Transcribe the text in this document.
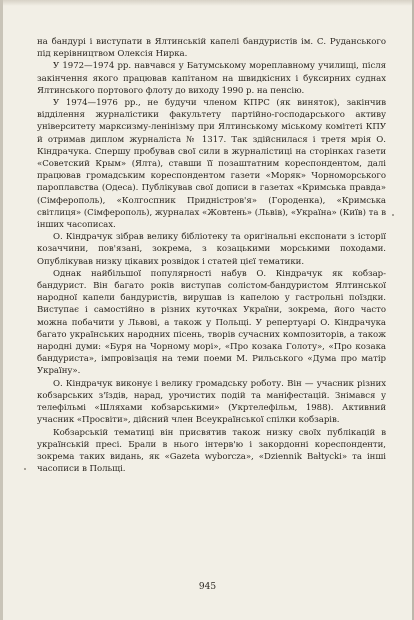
на бандурі і виступати в Ялтинській капелі бандуристів ім. С. Руданського під керівництвом Олексія Нирка.

У 1972—1974 рр. навчався у Батумському мореплавному училищі, після закінчення якого працював капітаном на швидкісних і буксирних суднах Ялтинського портового флоту до виходу 1990 р. на пенсію.

У 1974—1976 рр., не будучи членом КПРС (як виняток), закінчив відділення журналістики факультету партійно-господарського активу університету марксизму-ленінізму при Ялтинському міському комітеті КПУ й отримав диплом журналіста № 1317. Так здійснилася і третя мрія О. Кіндрачука. Спершу пробував свої сили в журналістиці на сторінках газети «Советский Крым» (Ялта), ставши її позаштатним кореспондентом, далі працював громадським кореспондентом газети «Моряк» Чорноморського пароплавства (Одеса). Публікував свої дописи в газетах «Кримська правда» (Сімферополь), «Колгоспник Придністров'я» (Городенка), «Кримська світлиця» (Сімферополь), журналах «Жовтень» (Львів), «Україна» (Київ) та в інших часописах.

О. Кіндрачук зібрав велику бібліотеку та оригінальні експонати з історії козаччини, пов'язані, зокрема, з козацькими морськими походами. Опублікував низку цікавих розвідок і статей цієї тематики.

Однак найбільшої популярності набув О. Кіндрачук як кобзар-бандурист. Він багато років виступав солістом-бандуристом Ялтинської народної капели бандуристів, вирушав із капелою у гастрольні поїздки. Виступає і самостійно в різних куточках України, зокрема, його часто можна побачити у Львові, а також у Польщі. У репертуарі О. Кіндрачука багато українських народних пісень, творів сучасних композиторів, а також народні думи: «Буря на Чорному морі», «Про козака Голоту», «Про козака бандуриста», імпровізація на теми поеми М. Рильського «Дума про матір Україну».

О. Кіндрачук виконує і велику громадську роботу. Він — учасник різних кобзарських з'їздів, нарад, урочистих подій та маніфестацій. Знімався у телефільмі «Шляхами кобзарськими» (Укртелефільм, 1988). Активний учасник «Просвіти», дійсний член Всеукраїнської спілки кобзарів.

Кобзарській тематиці він присвятив також низку своїх публікацій в українській пресі. Брали в нього інтерв'ю і закордонні кореспонденти, зокрема таких видань, як «Gazeta wyborcza», «Dziennik Bałtycki» та інші часописи в Польщі.

945
